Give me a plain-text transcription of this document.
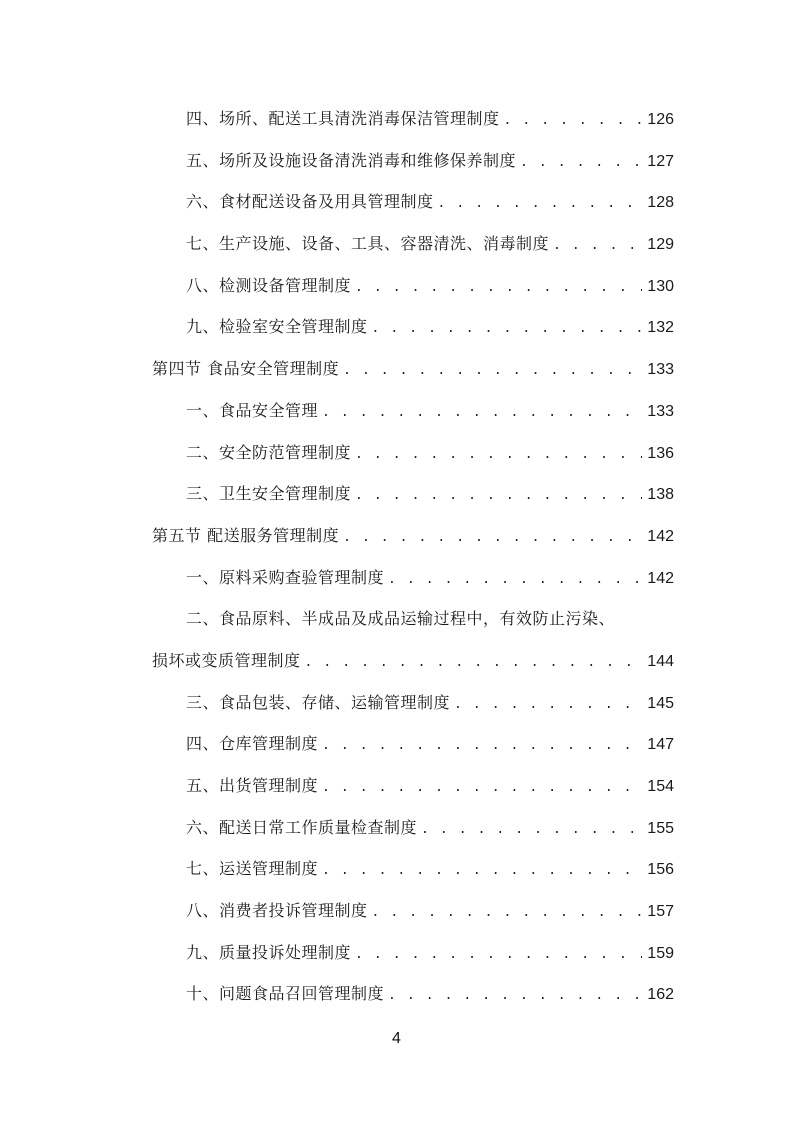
四、场所、配送工具清洗消毒保洁管理制度 . . .	126
五、场所及设施设备清洗消毒和维修保养制度 . . .	127
六、食材配送设备及用具管理制度 . . .	128
七、生产设施、设备、工具、容器清洗、消毒制度 . . .	129
八、检测设备管理制度 . . .	130
九、检验室安全管理制度 . . .	132
第四节 食品安全管理制度 . . .	133
一、食品安全管理 . . .	133
二、安全防范管理制度 . . .	136
三、卫生安全管理制度 . . .	138
第五节 配送服务管理制度 . . .	142
一、原料采购查验管理制度 . . .	142
二、食品原料、半成品及成品运输过程中，有效防止污染、
损坏或变质管理制度 . . .	144
三、食品包装、存储、运输管理制度 . . .	145
四、仓库管理制度 . . .	147
五、出货管理制度 . . .	154
六、配送日常工作质量检查制度 . . .	155
七、运送管理制度 . . .	156
八、消费者投诉管理制度 . . .	157
九、质量投诉处理制度 . . .	159
十、问题食品召回管理制度 . . .	162
4
